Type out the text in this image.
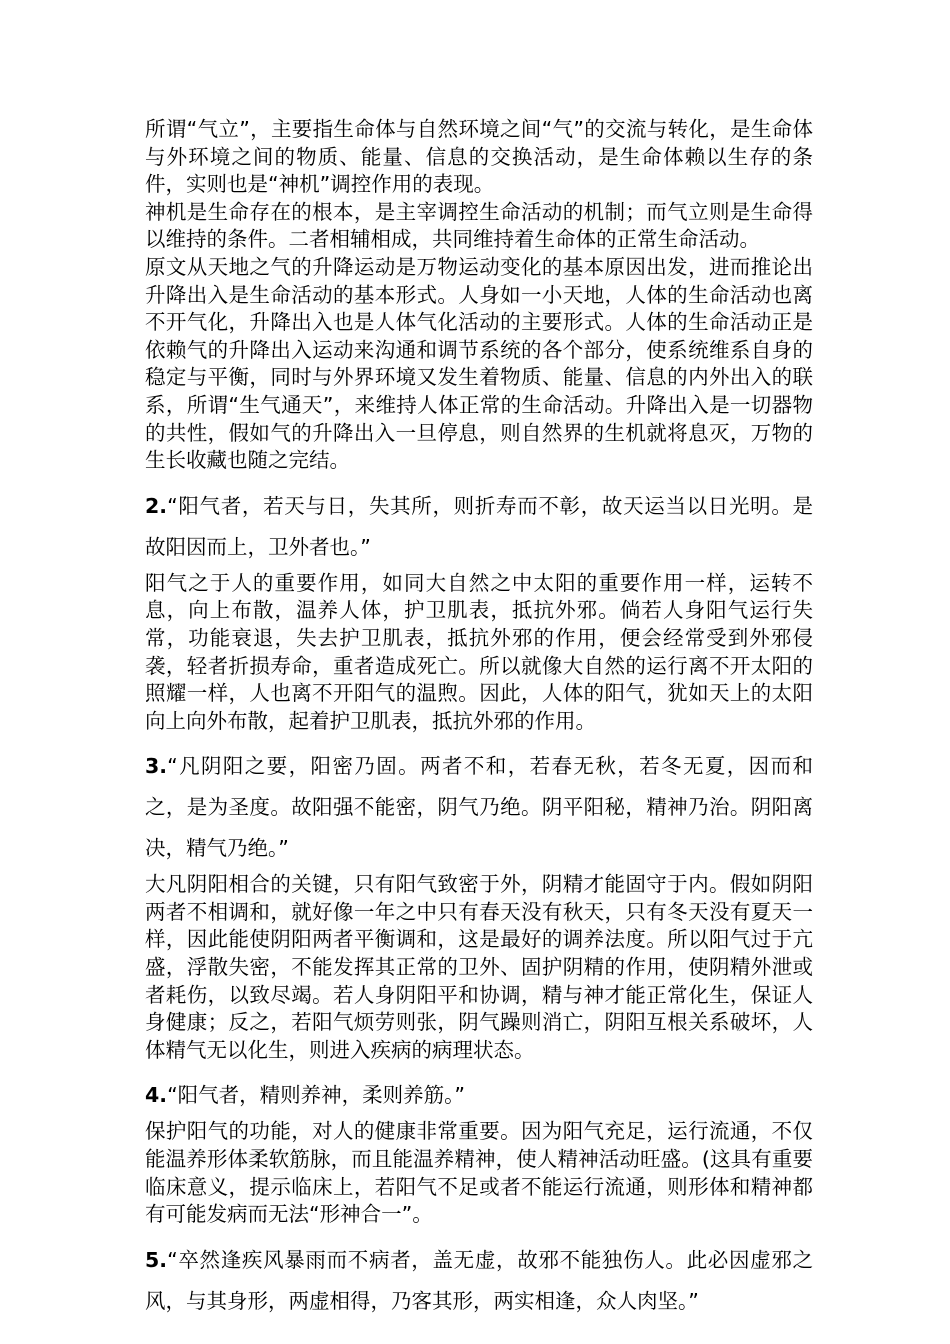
所谓“气立”，主要指生命体与自然环境之间“气”的交流与转化，是生命体与外环境之间的物质、能量、信息的交换活动，是生命体赖以生存的条件，实则也是“神机”调控作用的表现。

神机是生命存在的根本，是主宰调控生命活动的机制；而气立则是生命得以维持的条件。二者相辅相成，共同维持着生命体的正常生命活动。

原文从天地之气的升降运动是万物运动变化的基本原因出发，进而推论出升降出入是生命活动的基本形式。人身如一小天地，人体的生命活动也离不开气化，升降出入也是人体气化活动的主要形式。人体的生命活动正是依赖气的升降出入运动来沟通和调节系统的各个部分，使系统维系自身的稳定与平衡，同时与外界环境又发生着物质、能量、信息的内外出入的联系，所谓“生气通天”，来维持人体正常的生命活动。升降出入是一切器物的共性，假如气的升降出入一旦停息，则自然界的生机就将息灭，万物的生长收藏也随之完结。

2.“阳气者，若天与日，失其所，则折寿而不彰，故天运当以日光明。是故阳因而上，卫外者也。”

阳气之于人的重要作用，如同大自然之中太阳的重要作用一样，运转不息，向上布散，温养人体，护卫肌表，抵抗外邪。倘若人身阳气运行失常，功能衰退，失去护卫肌表，抵抗外邪的作用，便会经常受到外邪侵袭，轻者折损寿命，重者造成死亡。所以就像大自然的运行离不开太阳的照耀一样，人也离不开阳气的温煦。因此，人体的阳气，犹如天上的太阳向上向外布散，起着护卫肌表，抵抗外邪的作用。

3.“凡阴阳之要，阳密乃固。两者不和，若春无秋，若冬无夏，因而和之，是为圣度。故阳强不能密，阴气乃绝。阴平阳秘，精神乃治。阴阳离决，精气乃绝。”

大凡阴阳相合的关键，只有阳气致密于外，阴精才能固守于内。假如阴阳两者不相调和，就好像一年之中只有春天没有秋天，只有冬天没有夏天一样，因此能使阴阳两者平衡调和，这是最好的调养法度。所以阳气过于亢盛，浮散失密，不能发挥其正常的卫外、固护阴精的作用，使阴精外泄或者耗伤，以致尽竭。若人身阴阳平和协调，精与神才能正常化生，保证人身健康；反之，若阳气烦劳则张，阴气躁则消亡，阴阳互根关系破坏，人体精气无以化生，则进入疾病的病理状态。

4.“阳气者，精则养神，柔则养筋。”

保护阳气的功能，对人的健康非常重要。因为阳气充足，运行流通，不仅能温养形体柔软筋脉，而且能温养精神，使人精神活动旺盛。(这具有重要临床意义，提示临床上，若阳气不足或者不能运行流通，则形体和精神都有可能发病而无法“形神合一”。

5.“卒然逢疾风暴雨而不病者，盖无虚，故邪不能独伤人。此必因虚邪之风，与其身形，两虚相得，乃客其形，两实相逢，众人肉坚。”
